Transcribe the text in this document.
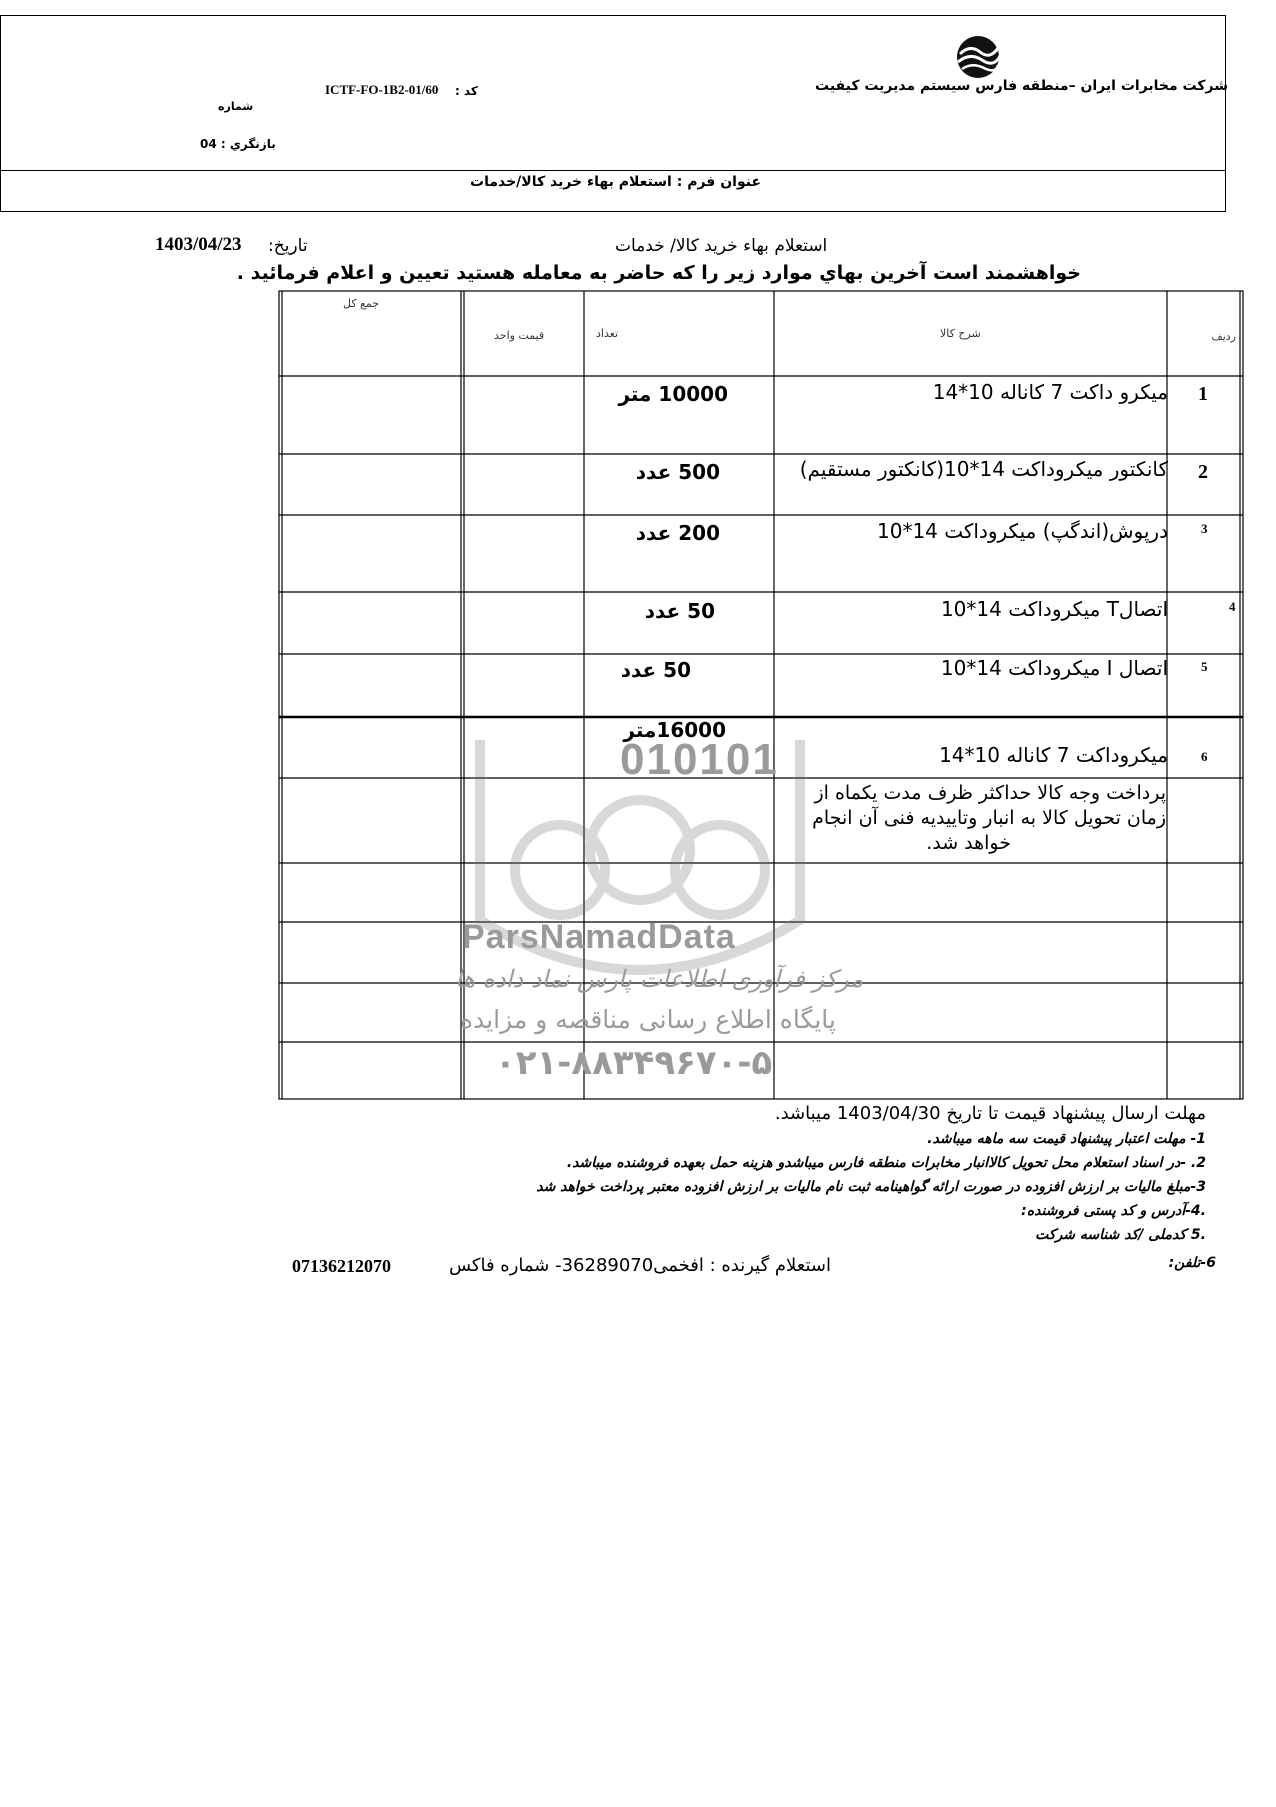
شرکت مخابرات ایران –منطقه فارس سیستم مدیریت کیفیت
کد :
ICTF-FO-1B2-01/60
شماره
بازنگري : 04
عنوان فرم : استعلام بهاء خريد كالا/خدمات
استعلام بهاء خرید کالا/ خدمات
تاریخ:
1403/04/23
خواهشمند است آخرين بهاي موارد زير را كه حاضر به معامله هستيد تعيين و اعلام فرمائيد .
010101
ParsNamadData
مرکز فرآوری اطلاعات پارس نماد داده ها
پایگاه اطلاع رسانی مناقصه و مزایده
۰۲۱-۸۸۳۴۹۶۷۰-۵
رديف
شرح كالا
تعداد
قيمت واحد
جمع كل
1
میکرو داکت 7 کاناله 10*14
10000 متر
2
کانکتور میکروداکت 14*10(کانکتور مستقیم)
500 عدد
3
درپوش(اندگپ) میکروداکت 14*10
200 عدد
4
اتصالT میکروداکت 14*10
50 عدد
5
اتصال I میکروداکت 14*10
50 عدد
6
میکروداکت 7 کاناله 10*14
16000متر
پرداخت وجه کالا حداکثر ظرف مدت یکماه از
زمان تحویل کالا به انبار وتاییدیه فنی آن انجام
خواهد شد.
مهلت ارسال پیشنهاد قیمت تا تاریخ 1403/04/30 میباشد.
1- مهلت اعتبار پيشنهاد قيمت سه ماهه ميباشد.
2. -در اسناد استعلام محل تحویل کالاانبار مخابرات منطقه فارس میباشدو هزینه حمل بعهده فروشنده میباشد.
3-مبلغ ماليات بر ارزش افزوده در صورت ارائه گواهينامه ثبت نام ماليات بر ارزش افزوده معتبر پرداخت خواهد شد
.4-آدرس و کد پستی فروشنده:
.5 کدملی /کد شناسه شرکت
6-تلفن:
استعلام گیرنده : افخمی36289070- شماره فاکس
07136212070
